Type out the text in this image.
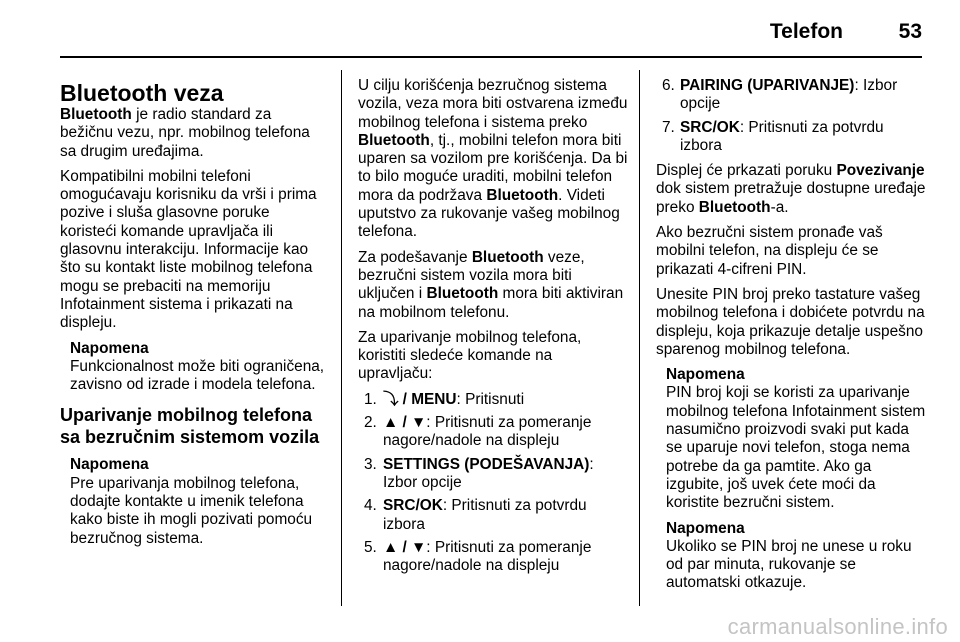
Telefon	53
Bluetooth veza

Bluetooth je radio standard za bežičnu vezu, npr. mobilnog telefona sa drugim uređajima.

Kompatibilni mobilni telefoni omogućavaju korisniku da vrši i prima pozive i sluša glasovne poruke koristeći komande upravljača ili glasovnu interakciju. Informacije kao što su kontakt liste mobilnog telefona mogu se prebaciti na memoriju Infotainment sistema i prikazati na displeju.

Napomena
Funkcionalnost može biti ograničena, zavisno od izrade i modela telefona.
Uparivanje mobilnog telefona sa bezručnim sistemom vozila
Napomena
Pre uparivanja mobilnog telefona, dodajte kontakte u imenik telefona kako biste ih mogli pozivati pomoću bezručnog sistema.

U cilju korišćenja bezručnog sistema vozila, veza mora biti ostvarena između mobilnog telefona i sistema preko Bluetooth, tj., mobilni telefon mora biti uparen sa vozilom pre korišćenja. Da bi to bilo moguće uraditi, mobilni telefon mora da podržava Bluetooth. Videti uputstvo za rukovanje vašeg mobilnog telefona.

Za podešavanje Bluetooth veze, bezručni sistem vozila mora biti uključen i Bluetooth mora biti aktiviran na mobilnom telefonu.

Za uparivanje mobilnog telefona, koristiti sledeće komande na upravljaču:

1. ⤵ / MENU: Pritisnuti
2. ▲ / ▼: Pritisnuti za pomeranje nagore/nadole na displeju
3. SETTINGS (PODEŠAVANJA): Izbor opcije
4. SRC/OK: Pritisnuti za potvrdu izbora
5. ▲ / ▼: Pritisnuti za pomeranje nagore/nadole na displeju
6. PAIRING (UPARIVANJE): Izbor opcije
7. SRC/OK: Pritisnuti za potvrdu izbora

Displej će prkazati poruku Povezivanje dok sistem pretražuje dostupne uređaje preko Bluetooth-a.

Ako bezručni sistem pronađe vaš mobilni telefon, na displeju će se prikazati 4-cifreni PIN.

Unesite PIN broj preko tastature vašeg mobilnog telefona i dobićete potvrdu na displeju, koja prikazuje detalje uspešno sparenog mobilnog telefona.

Napomena
PIN broj koji se koristi za uparivanje mobilnog telefona Infotainment sistem nasumično proizvodi svaki put kada se uparuje novi telefon, stoga nema potrebe da ga pamtite. Ako ga izgubite, još uvek ćete moći da koristite bezručni sistem.
Napomena
Ukoliko se PIN broj ne unese u roku od par minuta, rukovanje se automatski otkazuje.
carmanualsonline.info
